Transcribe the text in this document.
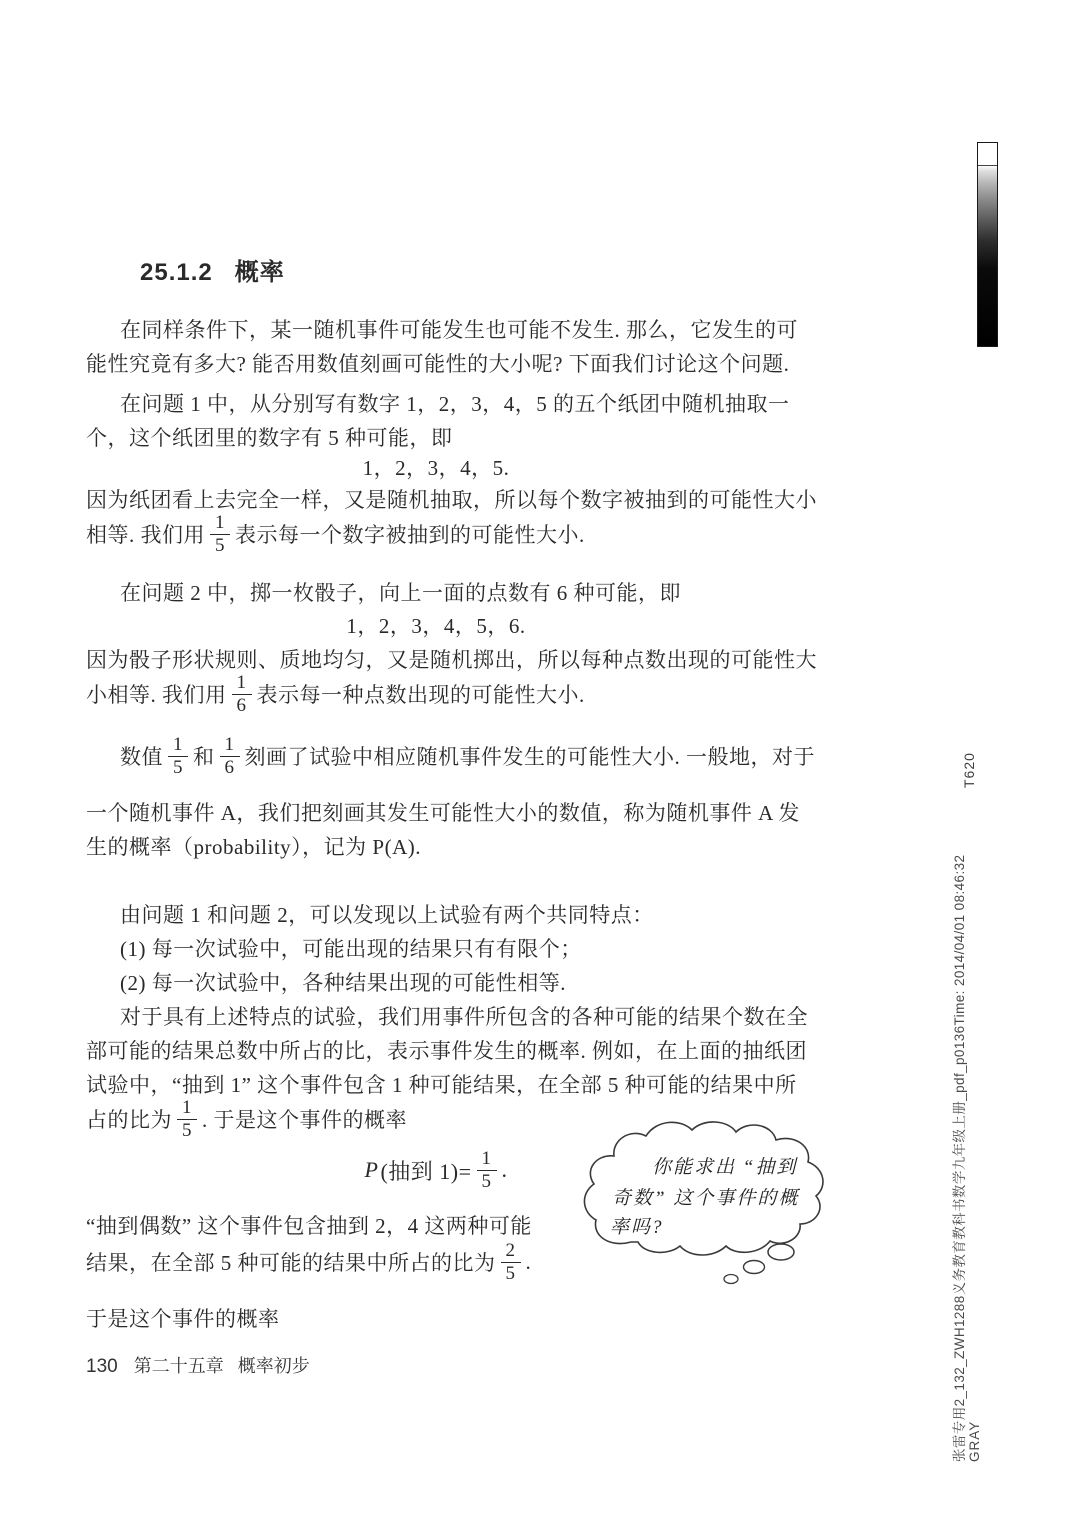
25.1.2 概率
在同样条件下，某一随机事件可能发生也可能不发生. 那么，它发生的可
能性究竟有多大? 能否用数值刻画可能性的大小呢? 下面我们讨论这个问题.
在问题 1 中，从分别写有数字 1，2，3，4，5 的五个纸团中随机抽取一
个，这个纸团里的数字有 5 种可能，即
1，2，3，4，5.
因为纸团看上去完全一样，又是随机抽取，所以每个数字被抽到的可能性大小
相等. 我们用 $\frac{1}{5}$ 表示每一个数字被抽到的可能性大小.
在问题 2 中，掷一枚骰子，向上一面的点数有 6 种可能，即
1，2，3，4，5，6.
因为骰子形状规则、质地均匀，又是随机掷出，所以每种点数出现的可能性大
小相等. 我们用 $\frac{1}{6}$ 表示每一种点数出现的可能性大小.
数值 $\frac{1}{5}$ 和 $\frac{1}{6}$ 刻画了试验中相应随机事件发生的可能性大小. 一般地，对于
一个随机事件 A，我们把刻画其发生可能性大小的数值，称为随机事件 A 发
生的概率（probability），记为 P(A).
由问题 1 和问题 2，可以发现以上试验有两个共同特点：
(1) 每一次试验中，可能出现的结果只有有限个；
(2) 每一次试验中，各种结果出现的可能性相等.
对于具有上述特点的试验，我们用事件所包含的各种可能的结果个数在全
部可能的结果总数中所占的比，表示事件发生的概率. 例如，在上面的抽纸团
试验中，“抽到 1” 这个事件包含 1 种可能结果，在全部 5 种可能的结果中所
占的比为 $\frac{1}{5}$ . 于是这个事件的概率
P (抽到 $1)= \frac{1}{5}$ .
“抽到偶数” 这个事件包含抽到 2，4 这两种可能
结果，在全部 5 种可能的结果中所占的比为 $\frac{2}{5}$ .
于是这个事件的概率
你能求出 “抽到
奇数” 这个事件的概
率吗?
130 第二十五章 概率初步
T620
张雷专用2_132_ZWH1288义务教育教科书数学九年级上册_pdf_p0136Time: 2014/04/01 08:46:32 GRAY
